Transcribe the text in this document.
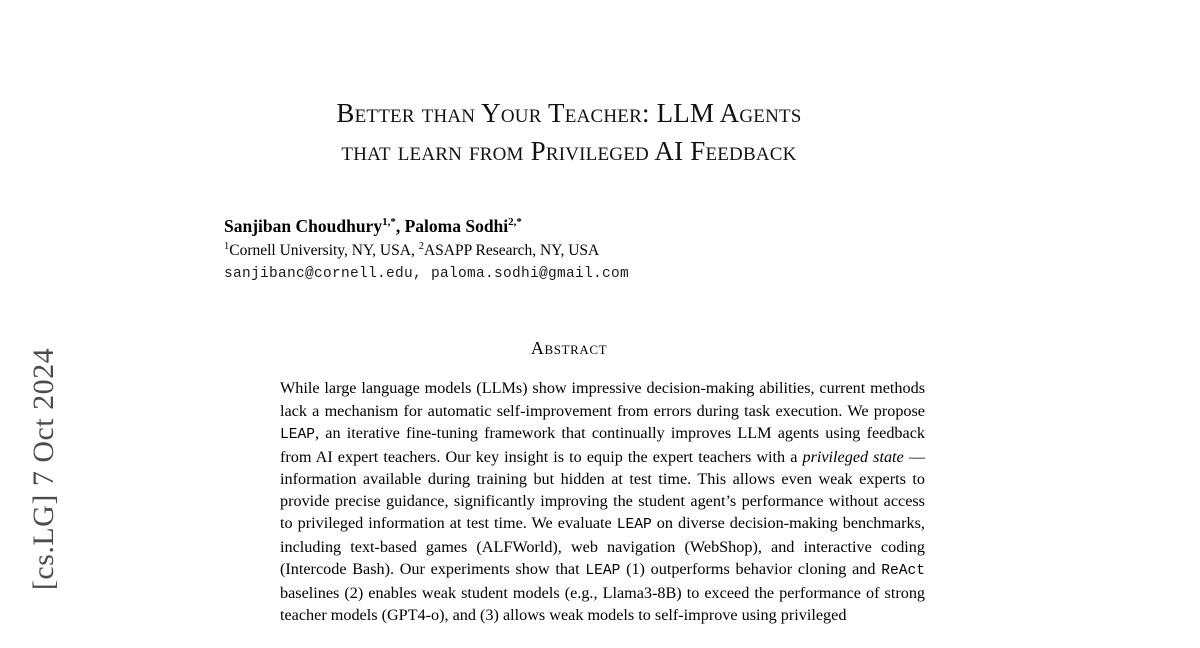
[cs.LG] 7 Oct 2024
Better than Your Teacher: LLM Agents
that learn from Privileged AI Feedback

Sanjiban Choudhury$^{1,*}$, Paloma Sodhi$^{2,*}$

$^1$Cornell University, NY, USA, $^2$ASAPP Research, NY, USA

sanjibanc@cornell.edu, paloma.sodhi@gmail.com

Abstract
While large language models (LLMs) show impressive decision-making abilities, current methods lack a mechanism for automatic self-improvement from errors during task execution. We propose LEAP, an iterative fine-tuning framework that continually improves LLM agents using feedback from AI expert teachers. Our key insight is to equip the expert teachers with a privileged state —information available during training but hidden at test time. This allows even weak experts to provide precise guidance, significantly improving the student agent’s performance without access to privileged information at test time. We evaluate LEAP on diverse decision-making benchmarks, including text-based games (ALFWorld), web navigation (WebShop), and interactive coding (Intercode Bash). Our experiments show that LEAP (1) outperforms behavior cloning and ReAct baselines (2) enables weak student models (e.g., Llama3-8B) to exceed the performance of strong teacher models (GPT4-o), and (3) allows weak models to self-improve using privileged
